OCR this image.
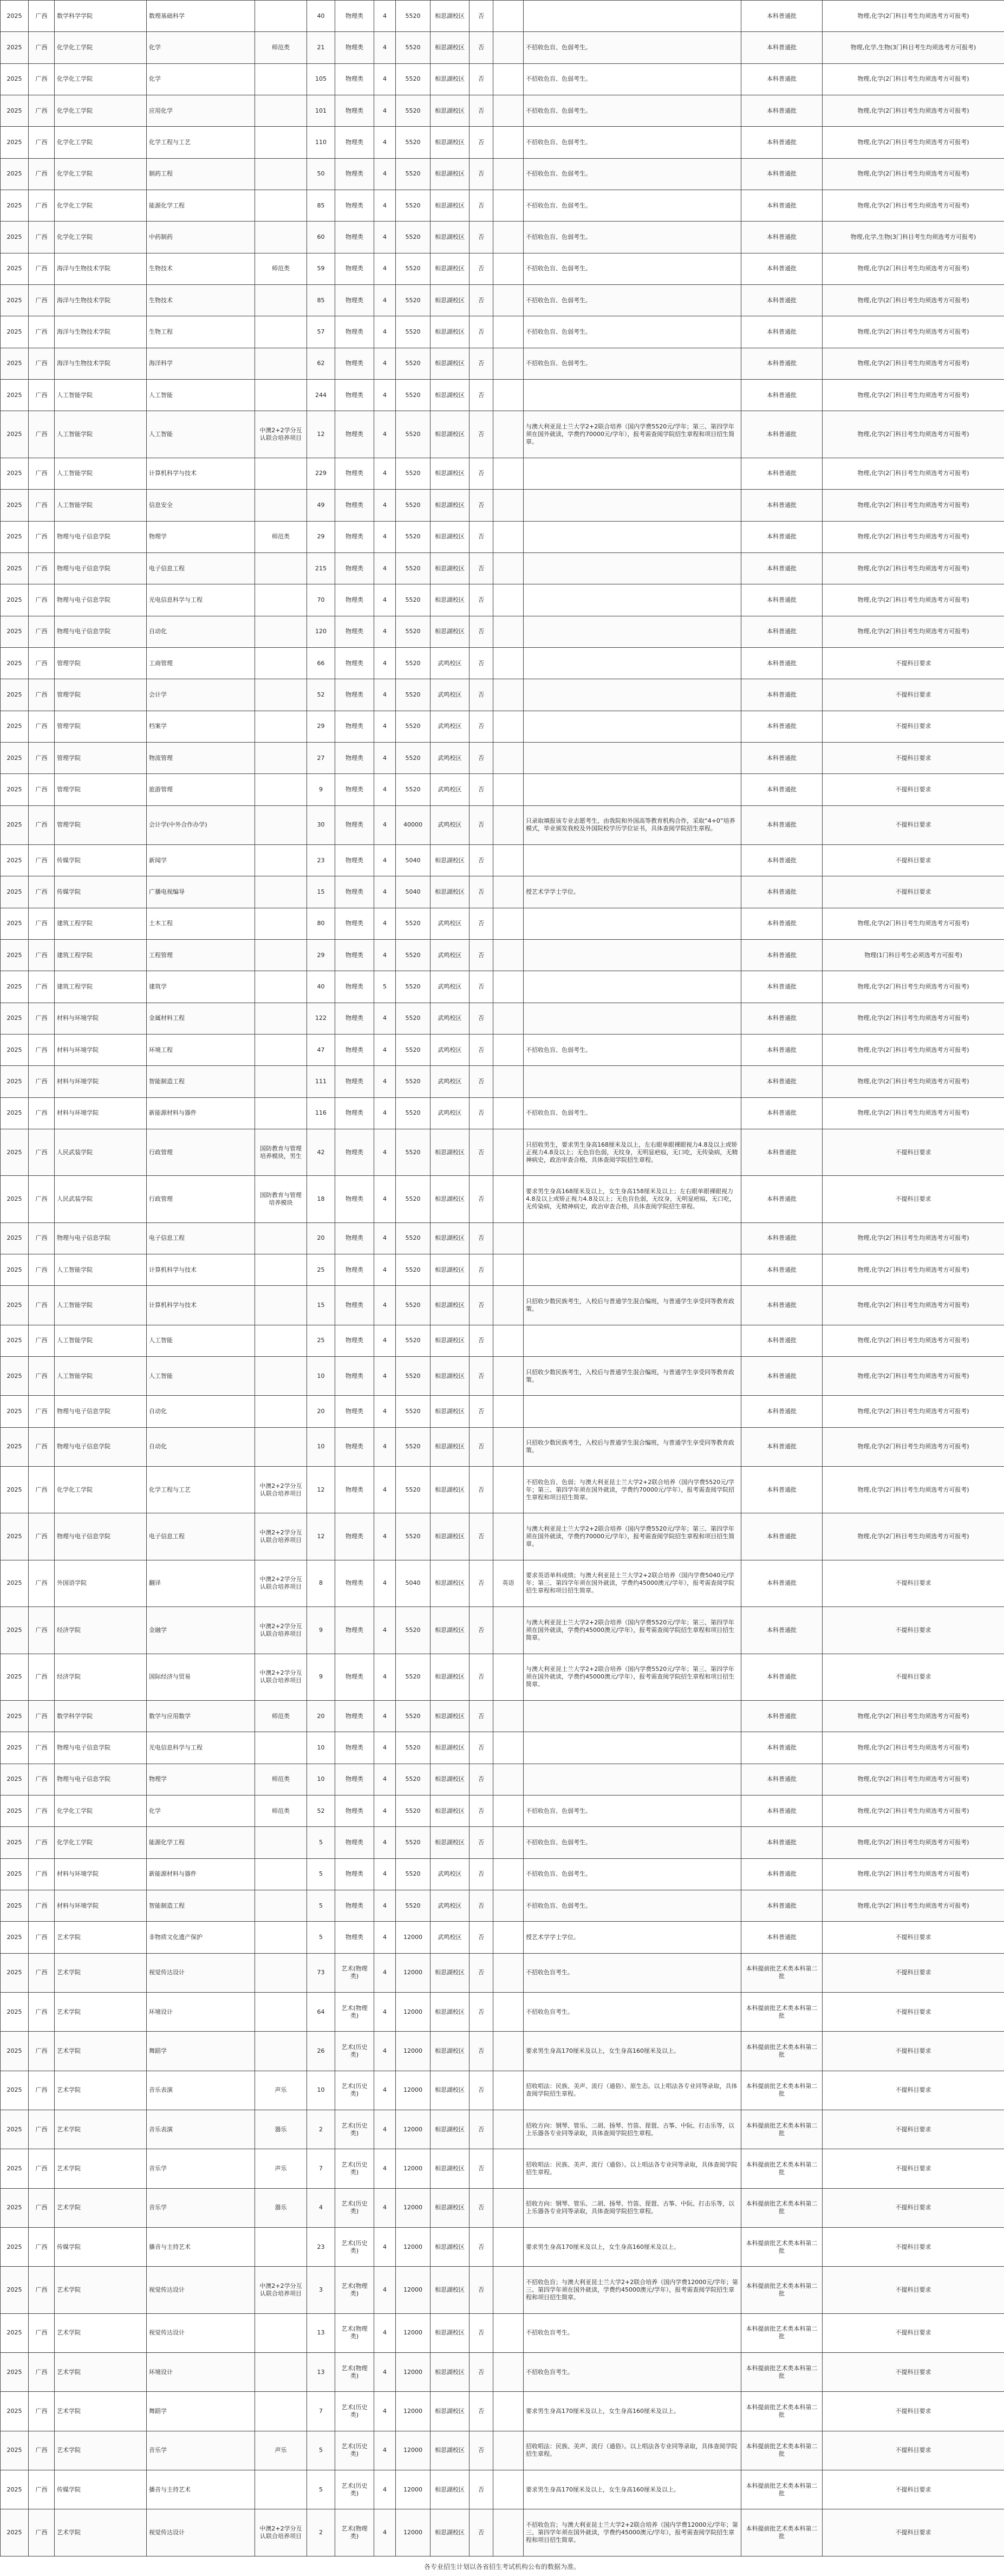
2025	广西	数学科学学院	数理基础科学		40	物理类	4	5520	相思湖校区	否			本科普通批	物理,化学(2门科目考生均须选考方可报考)
2025	广西	化学化工学院	化学	师范类	21	物理类	4	5520	相思湖校区	否		不招收色盲、色弱考生。	本科普通批	物理,化学,生物(3门科目考生均须选考方可报考)
2025	广西	化学化工学院	化学		105	物理类	4	5520	相思湖校区	否		不招收色盲、色弱考生。	本科普通批	物理,化学(2门科目考生均须选考方可报考)
2025	广西	化学化工学院	应用化学		101	物理类	4	5520	相思湖校区	否		不招收色盲、色弱考生。	本科普通批	物理,化学(2门科目考生均须选考方可报考)
2025	广西	化学化工学院	化学工程与工艺		110	物理类	4	5520	相思湖校区	否		不招收色盲、色弱考生。	本科普通批	物理,化学(2门科目考生均须选考方可报考)
2025	广西	化学化工学院	制药工程		50	物理类	4	5520	相思湖校区	否		不招收色盲、色弱考生。	本科普通批	物理,化学(2门科目考生均须选考方可报考)
2025	广西	化学化工学院	能源化学工程		85	物理类	4	5520	相思湖校区	否		不招收色盲、色弱考生。	本科普通批	物理,化学(2门科目考生均须选考方可报考)
2025	广西	化学化工学院	中药制药		60	物理类	4	5520	相思湖校区	否		不招收色盲、色弱考生。	本科普通批	物理,化学,生物(3门科目考生均须选考方可报考)
2025	广西	海洋与生物技术学院	生物技术	师范类	59	物理类	4	5520	相思湖校区	否		不招收色盲、色弱考生。	本科普通批	物理,化学(2门科目考生均须选考方可报考)
2025	广西	海洋与生物技术学院	生物技术		85	物理类	4	5520	相思湖校区	否		不招收色盲、色弱考生。	本科普通批	物理,化学(2门科目考生均须选考方可报考)
2025	广西	海洋与生物技术学院	生物工程		57	物理类	4	5520	相思湖校区	否		不招收色盲、色弱考生。	本科普通批	物理,化学(2门科目考生均须选考方可报考)
2025	广西	海洋与生物技术学院	海洋科学		62	物理类	4	5520	相思湖校区	否		不招收色盲、色弱考生。	本科普通批	物理,化学(2门科目考生均须选考方可报考)
2025	广西	人工智能学院	人工智能		244	物理类	4	5520	相思湖校区	否			本科普通批	物理,化学(2门科目考生均须选考方可报考)
2025	广西	人工智能学院	人工智能	中澳2+2学分互认联合培养项目	12	物理类	4	5520	相思湖校区	否		与澳大利亚昆士兰大学2+2联合培养（国内学费5520元/学年；第三、第四学年须在国外就读，学费约70000元/学年），报考需查阅学院招生章程和项目招生简章。	本科普通批	物理,化学(2门科目考生均须选考方可报考)
2025	广西	人工智能学院	计算机科学与技术		229	物理类	4	5520	相思湖校区	否			本科普通批	物理,化学(2门科目考生均须选考方可报考)
2025	广西	人工智能学院	信息安全		49	物理类	4	5520	相思湖校区	否			本科普通批	物理,化学(2门科目考生均须选考方可报考)
2025	广西	物理与电子信息学院	物理学	师范类	29	物理类	4	5520	相思湖校区	否			本科普通批	物理,化学(2门科目考生均须选考方可报考)
2025	广西	物理与电子信息学院	电子信息工程		215	物理类	4	5520	相思湖校区	否			本科普通批	物理,化学(2门科目考生均须选考方可报考)
2025	广西	物理与电子信息学院	光电信息科学与工程		70	物理类	4	5520	相思湖校区	否			本科普通批	物理,化学(2门科目考生均须选考方可报考)
2025	广西	物理与电子信息学院	自动化		120	物理类	4	5520	相思湖校区	否			本科普通批	物理,化学(2门科目考生均须选考方可报考)
2025	广西	管理学院	工商管理		66	物理类	4	5520	武鸣校区	否			本科普通批	不提科目要求
2025	广西	管理学院	会计学		52	物理类	4	5520	武鸣校区	否			本科普通批	不提科目要求
2025	广西	管理学院	档案学		29	物理类	4	5520	武鸣校区	否			本科普通批	不提科目要求
2025	广西	管理学院	物流管理		27	物理类	4	5520	武鸣校区	否			本科普通批	不提科目要求
2025	广西	管理学院	旅游管理		9	物理类	4	5520	武鸣校区	否			本科普通批	不提科目要求
2025	广西	管理学院	会计学(中外合作办学)		30	物理类	4	40000	武鸣校区	否		只录取填报该专业志愿考生，由我院和外国高等教育机构合作，采取“4+0”培养模式，毕业颁发我校及外国院校学历学位证书，具体查阅学院招生章程。	本科普通批	不提科目要求
2025	广西	传媒学院	新闻学		23	物理类	4	5040	相思湖校区	否			本科普通批	不提科目要求
2025	广西	传媒学院	广播电视编导		15	物理类	4	5040	相思湖校区	否		授艺术学学士学位。	本科普通批	不提科目要求
2025	广西	建筑工程学院	土木工程		80	物理类	4	5520	武鸣校区	否			本科普通批	物理,化学(2门科目考生均须选考方可报考)
2025	广西	建筑工程学院	工程管理		29	物理类	4	5520	武鸣校区	否			本科普通批	物理(1门科目考生必须选考方可报考)
2025	广西	建筑工程学院	建筑学		40	物理类	5	5520	武鸣校区	否			本科普通批	物理,化学(2门科目考生均须选考方可报考)
2025	广西	材料与环境学院	金属材料工程		122	物理类	4	5520	武鸣校区	否			本科普通批	物理,化学(2门科目考生均须选考方可报考)
2025	广西	材料与环境学院	环境工程		47	物理类	4	5520	武鸣校区	否		不招收色盲、色弱考生。	本科普通批	物理,化学(2门科目考生均须选考方可报考)
2025	广西	材料与环境学院	智能制造工程		111	物理类	4	5520	武鸣校区	否			本科普通批	物理,化学(2门科目考生均须选考方可报考)
2025	广西	材料与环境学院	新能源材料与器件		116	物理类	4	5520	武鸣校区	否		不招收色盲、色弱考生。	本科普通批	物理,化学(2门科目考生均须选考方可报考)
2025	广西	人民武装学院	行政管理	国防教育与管理培养模块，男生	42	物理类	4	5520	相思湖校区	否		只招收男生，要求男生身高168厘米及以上，左右眼单眼裸眼视力4.8及以上或矫正视力4.8及以上；无色盲色弱，无纹身，无明显疤痕，无口吃，无传染病，无精神病史，政治审查合格，具体查阅学院招生章程。	本科普通批	不提科目要求
2025	广西	人民武装学院	行政管理	国防教育与管理培养模块	18	物理类	4	5520	相思湖校区	否		要求男生身高168厘米及以上，女生身高158厘米及以上；左右眼单眼裸眼视力4.8及以上或矫正视力4.8及以上；无色盲色弱，无纹身，无明显疤痕，无口吃，无传染病，无精神病史，政治审查合格，具体查阅学院招生章程。	本科普通批	不提科目要求
2025	广西	物理与电子信息学院	电子信息工程		20	物理类	4	5520	相思湖校区	否			本科普通批	物理,化学(2门科目考生均须选考方可报考)
2025	广西	人工智能学院	计算机科学与技术		25	物理类	4	5520	相思湖校区	否			本科普通批	物理,化学(2门科目考生均须选考方可报考)
2025	广西	人工智能学院	计算机科学与技术		15	物理类	4	5520	相思湖校区	否		只招收少数民族考生，入校后与普通学生混合编班，与普通学生享受同等教育政策。	本科普通批	物理,化学(2门科目考生均须选考方可报考)
2025	广西	人工智能学院	人工智能		25	物理类	4	5520	相思湖校区	否			本科普通批	物理,化学(2门科目考生均须选考方可报考)
2025	广西	人工智能学院	人工智能		10	物理类	4	5520	相思湖校区	否		只招收少数民族考生，入校后与普通学生混合编班，与普通学生享受同等教育政策。	本科普通批	物理,化学(2门科目考生均须选考方可报考)
2025	广西	物理与电子信息学院	自动化		20	物理类	4	5520	相思湖校区	否			本科普通批	物理,化学(2门科目考生均须选考方可报考)
2025	广西	物理与电子信息学院	自动化		10	物理类	4	5520	相思湖校区	否		只招收少数民族考生，入校后与普通学生混合编班，与普通学生享受同等教育政策。	本科普通批	物理,化学(2门科目考生均须选考方可报考)
2025	广西	化学化工学院	化学工程与工艺	中澳2+2学分互认联合培养项目	12	物理类	4	5520	相思湖校区	否		不招收色盲、色弱；与澳大利亚昆士兰大学2+2联合培养（国内学费5520元/学年；第三、第四学年须在国外就读，学费约70000元/学年），报考需查阅学院招生章程和项目招生简章。	本科普通批	物理,化学(2门科目考生均须选考方可报考)
2025	广西	物理与电子信息学院	电子信息工程	中澳2+2学分互认联合培养项目	12	物理类	4	5520	相思湖校区	否		与澳大利亚昆士兰大学2+2联合培养（国内学费5520元/学年；第三、第四学年须在国外就读，学费约70000元/学年），报考需查阅学院招生章程和项目招生简章。	本科普通批	物理,化学(2门科目考生均须选考方可报考)
2025	广西	外国语学院	翻译	中澳2+2学分互认联合培养项目	8	物理类	4	5040	相思湖校区	否	英语	要求英语单科成绩；与澳大利亚昆士兰大学2+2联合培养（国内学费5040元/学年；第三、第四学年须在国外就读，学费约45000澳元/学年），报考需查阅学院招生章程和项目招生简章。	本科普通批	不提科目要求
2025	广西	经济学院	金融学	中澳2+2学分互认联合培养项目	9	物理类	4	5520	相思湖校区	否		与澳大利亚昆士兰大学2+2联合培养（国内学费5520元/学年；第三、第四学年须在国外就读，学费约45000澳元/学年），报考需查阅学院招生章程和项目招生简章。	本科普通批	不提科目要求
2025	广西	经济学院	国际经济与贸易	中澳2+2学分互认联合培养项目	9	物理类	4	5520	相思湖校区	否		与澳大利亚昆士兰大学2+2联合培养（国内学费5520元/学年；第三、第四学年须在国外就读，学费约45000澳元/学年），报考需查阅学院招生章程和项目招生简章。	本科普通批	不提科目要求
2025	广西	数学科学学院	数学与应用数学	师范类	20	物理类	4	5520	相思湖校区	否			本科普通批	物理,化学(2门科目考生均须选考方可报考)
2025	广西	物理与电子信息学院	光电信息科学与工程		10	物理类	4	5520	相思湖校区	否			本科普通批	物理,化学(2门科目考生均须选考方可报考)
2025	广西	物理与电子信息学院	物理学	师范类	10	物理类	4	5520	相思湖校区	否			本科普通批	物理,化学(2门科目考生均须选考方可报考)
2025	广西	化学化工学院	化学	师范类	52	物理类	4	5520	相思湖校区	否		不招收色盲、色弱考生。	本科普通批	物理,化学(2门科目考生均须选考方可报考)
2025	广西	化学化工学院	能源化学工程		5	物理类	4	5520	相思湖校区	否		不招收色盲、色弱考生。	本科普通批	物理,化学(2门科目考生均须选考方可报考)
2025	广西	材料与环境学院	新能源材料与器件		5	物理类	4	5520	武鸣校区	否		不招收色盲、色弱考生。	本科普通批	物理,化学(2门科目考生均须选考方可报考)
2025	广西	材料与环境学院	智能制造工程		5	物理类	4	5520	武鸣校区	否		不招收色盲、色弱考生。	本科普通批	物理,化学(2门科目考生均须选考方可报考)
2025	广西	艺术学院	非物质文化遗产保护		5	物理类	4	12000	武鸣校区	否		授艺术学学士学位。	本科普通批	不提科目要求
2025	广西	艺术学院	视觉传达设计		73	艺术(物理类)	4	12000	相思湖校区	否		不招收色盲考生。	本科提前批艺术类本科第二批	不提科目要求
2025	广西	艺术学院	环境设计		64	艺术(物理类)	4	12000	相思湖校区	否		不招收色盲考生。	本科提前批艺术类本科第二批	不提科目要求
2025	广西	艺术学院	舞蹈学		26	艺术(历史类)	4	12000	相思湖校区	否		要求男生身高170厘米及以上，女生身高160厘米及以上。	本科提前批艺术类本科第二批	不提科目要求
2025	广西	艺术学院	音乐表演	声乐	10	艺术(历史类)	4	12000	相思湖校区	否		招收唱法：民族、美声、流行（通俗）、原生态。以上唱法各专业同等录取，具体查阅学院招生章程。	本科提前批艺术类本科第二批	不提科目要求
2025	广西	艺术学院	音乐表演	器乐	2	艺术(历史类)	4	12000	相思湖校区	否		招收方向：钢琴、管乐、二胡、扬琴、竹笛、琵琶、古筝、中阮、打击乐等，以上乐器各专业同等录取，具体查阅学院招生章程。	本科提前批艺术类本科第二批	不提科目要求
2025	广西	艺术学院	音乐学	声乐	7	艺术(历史类)	4	12000	相思湖校区	否		招收唱法：民族、美声、流行（通俗）。以上唱法各专业同等录取，具体查阅学院招生章程。	本科提前批艺术类本科第二批	不提科目要求
2025	广西	艺术学院	音乐学	器乐	4	艺术(历史类)	4	12000	相思湖校区	否		招收方向：钢琴、管乐、二胡、扬琴、竹笛、琵琶、古筝、中阮、打击乐等，以上乐器各专业同等录取，具体查阅学院招生章程。	本科提前批艺术类本科第二批	不提科目要求
2025	广西	传媒学院	播音与主持艺术		23	艺术(历史类)	4	12000	相思湖校区	否		要求男生身高170厘米及以上，女生身高160厘米及以上。	本科提前批艺术类本科第二批	不提科目要求
2025	广西	艺术学院	视觉传达设计	中澳2+2学分互认联合培养项目	3	艺术(物理类)	4	12000	相思湖校区	否		不招收色盲；与澳大利亚昆士兰大学2+2联合培养（国内学费12000元/学年；第三、第四学年须在国外就读，学费约45000澳元/学年），报考需查阅学院招生章程和项目招生简章。	本科提前批艺术类本科第二批	不提科目要求
2025	广西	艺术学院	视觉传达设计		13	艺术(物理类)	4	12000	相思湖校区	否		不招收色盲考生。	本科提前批艺术类本科第二批	不提科目要求
2025	广西	艺术学院	环境设计		13	艺术(物理类)	4	12000	相思湖校区	否		不招收色盲考生。	本科提前批艺术类本科第二批	不提科目要求
2025	广西	艺术学院	舞蹈学		7	艺术(历史类)	4	12000	相思湖校区	否		要求男生身高170厘米及以上，女生身高160厘米及以上。	本科提前批艺术类本科第二批	不提科目要求
2025	广西	艺术学院	音乐学	声乐	5	艺术(历史类)	4	12000	相思湖校区	否		招收唱法：民族、美声、流行（通俗）。以上唱法各专业同等录取，具体查阅学院招生章程。	本科提前批艺术类本科第二批	不提科目要求
2025	广西	传媒学院	播音与主持艺术		5	艺术(历史类)	4	12000	相思湖校区	否		要求男生身高170厘米及以上，女生身高160厘米及以上。	本科提前批艺术类本科第二批	不提科目要求
2025	广西	艺术学院	视觉传达设计	中澳2+2学分互认联合培养项目	2	艺术(物理类)	4	12000	相思湖校区	否		不招收色盲；与澳大利亚昆士兰大学2+2联合培养（国内学费12000元/学年；第三、第四学年须在国外就读，学费约45000澳元/学年），报考需查阅学院招生章程和项目招生简章。	本科提前批艺术类本科第二批	不提科目要求
各专业招生计划以各省招生考试机构公布的数据为准。
